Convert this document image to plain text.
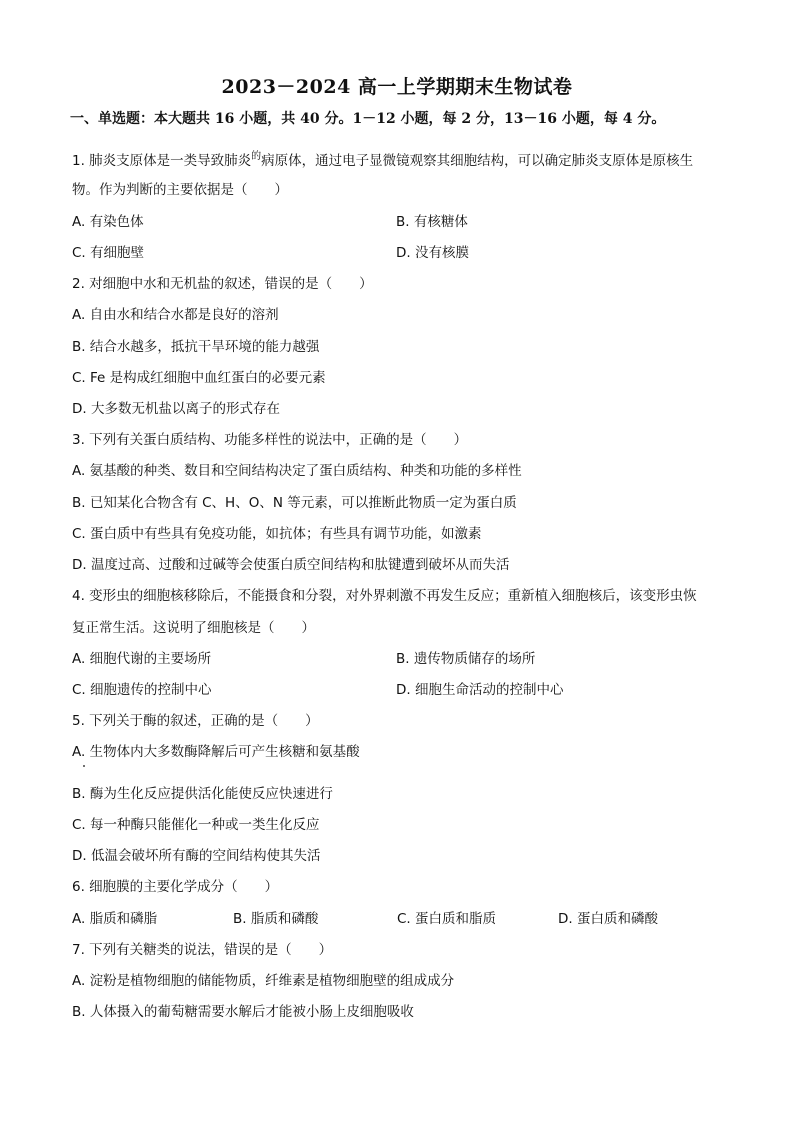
2023－2024 高一上学期期末生物试卷
一、单选题：本大题共 16 小题，共 40 分。1－12 小题，每 2 分，13－16 小题，每 4 分。
1. 肺炎支原体是一类导致肺炎$^的$病原体，通过电子显微镜观察其细胞结构，可以确定肺炎支原体是原核生
物。作为判断的主要依据是（　　）
A. 有染色体	B. 有核糖体
C. 有细胞壁	D. 没有核膜
2. 对细胞中水和无机盐的叙述，错误的是（　　）
A. 自由水和结合水都是良好的溶剂
B. 结合水越多，抵抗干旱环境的能力越强
C. Fe 是构成红细胞中血红蛋白的必要元素
D. 大多数无机盐以离子的形式存在
3. 下列有关蛋白质结构、功能多样性的说法中，正确的是（　　）
A. 氨基酸的种类、数目和空间结构决定了蛋白质结构、种类和功能的多样性
B. 已知某化合物含有 C、H、O、N 等元素，可以推断此物质一定为蛋白质
C. 蛋白质中有些具有免疫功能，如抗体；有些具有调节功能，如激素
D. 温度过高、过酸和过碱等会使蛋白质空间结构和肽键遭到破坏从而失活
4. 变形虫的细胞核移除后，不能摄食和分裂，对外界刺激不再发生反应；重新植入细胞核后，该变形虫恢
复正常生活。这说明了细胞核是（　　）
A. 细胞代谢的主要场所	B. 遗传物质储存的场所
C. 细胞遗传的控制中心	D. 细胞生命活动的控制中心
5. 下列关于酶的叙述，正确的是（　　）
A. 生物体内大多数酶降解后可产生核糖和氨基酸
B. 酶为生化反应提供活化能使反应快速进行
C. 每一种酶只能催化一种或一类生化反应
D. 低温会破坏所有酶的空间结构使其失活
6. 细胞膜的主要化学成分（　　）
A. 脂质和磷脂	B. 脂质和磷酸	C. 蛋白质和脂质	D. 蛋白质和磷酸
7. 下列有关糖类的说法，错误的是（　　）
A. 淀粉是植物细胞的储能物质，纤维素是植物细胞壁的组成成分
B. 人体摄入的葡萄糖需要水解后才能被小肠上皮细胞吸收
